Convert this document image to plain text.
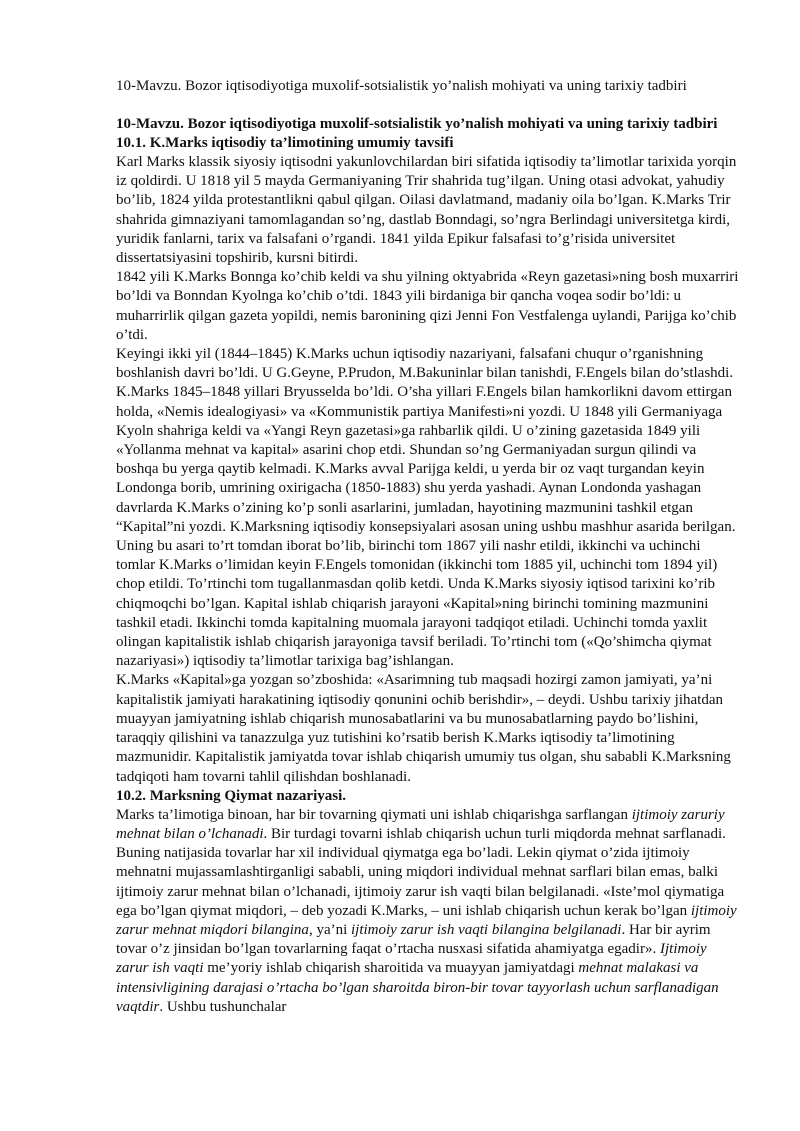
10-Mavzu. Bozor iqtisodiyotiga muxolif-sotsialistik yo’nalish mohiyati va uning tarixiy tadbiri
10-Mavzu. Bozor iqtisodiyotiga muxolif-sotsialistik yo’nalish mohiyati va uning tarixiy tadbiri
10.1. K.Marks iqtisodiy ta’limotining umumiy tavsifi

Karl Marks klassik siyosiy iqtisodni yakunlovchilardan biri sifatida iqtisodiy ta’limotlar tarixida yorqin iz qoldirdi. U 1818 yil 5 mayda Germaniyaning Trir shahrida tug’ilgan. Uning otasi advokat, yahudiy bo’lib, 1824 yilda protestantlikni qabul qilgan. Oilasi davlatmand, madaniy oila bo’lgan. K.Marks Trir shahrida gimnaziyani tamomlagandan so’ng, dastlab Bonndagi, so’ngra Berlindagi universitetga kirdi, yuridik fanlarni, tarix va falsafani o’rgandi. 1841 yilda Epikur falsafasi to’g’risida universitet dissertatsiyasini topshirib, kursni bitirdi.

1842 yili K.Marks Bonnga ko’chib keldi va shu yilning oktyabrida «Reyn gazetasi»ning bosh muxarriri bo’ldi va Bonndan Kyolnga ko’chib o’tdi. 1843 yili birdaniga bir qancha voqea sodir bo’ldi: u muharrirlik qilgan gazeta yopildi, nemis baronining qizi Jenni Fon Vestfalenga uylandi, Parijga ko’chib o’tdi.

Keyingi ikki yil (1844–1845) K.Marks uchun iqtisodiy nazariyani, falsafani chuqur o’rganishning boshlanish davri bo’ldi. U G.Geyne, P.Prudon, M.Bakuninlar bilan tanishdi, F.Engels bilan do’stlashdi.

K.Marks 1845–1848 yillari Bryusselda bo’ldi. O’sha yillari F.Engels bilan hamkorlikni davom ettirgan holda, «Nemis idealogiyasi» va «Kommunistik partiya Manifesti»ni yozdi. U 1848 yili Germaniyaga Kyoln shahriga keldi va «Yangi Reyn gazetasi»ga rahbarlik qildi. U o’zining gazetasida 1849 yili «Yollanma mehnat va kapital» asarini chop etdi. Shundan so’ng Germaniyadan surgun qilindi va boshqa bu yerga qaytib kelmadi. K.Marks avval Parijga keldi, u yerda bir oz vaqt turgandan keyin Londonga borib, umrining oxirigacha (1850-1883) shu yerda yashadi. Aynan Londonda yashagan davrlarda K.Marks o’zining ko’p sonli asarlarini, jumladan, hayotining mazmunini tashkil etgan “Kapital”ni yozdi. K.Marksning iqtisodiy konsepsiyalari asosan uning ushbu mashhur asarida berilgan. Uning bu asari to’rt tomdan iborat bo’lib, birinchi tom 1867 yili nashr etildi, ikkinchi va uchinchi tomlar K.Marks o’limidan keyin F.Engels tomonidan (ikkinchi tom 1885 yil, uchinchi tom 1894 yil) chop etildi. To’rtinchi tom tugallanmasdan qolib ketdi. Unda K.Marks siyosiy iqtisod tarixini ko’rib chiqmoqchi bo’lgan. Kapital ishlab chiqarish jarayoni «Kapital»ning birinchi tomining mazmunini tashkil etadi. Ikkinchi tomda kapitalning muomala jarayoni tadqiqot etiladi. Uchinchi tomda yaxlit olingan kapitalistik ishlab chiqarish jarayoniga tavsif beriladi. To’rtinchi tom («Qo’shimcha qiymat nazariyasi») iqtisodiy ta’limotlar tarixiga bag’ishlangan.

K.Marks «Kapital»ga yozgan so’zboshida: «Asarimning tub maqsadi hozirgi zamon jamiyati, ya’ni kapitalistik jamiyati harakatining iqtisodiy qonunini ochib berishdir», – deydi. Ushbu tarixiy jihatdan muayyan jamiyatning ishlab chiqarish munosabatlarini va bu munosabatlarning paydo bo’lishini, taraqqiy qilishini va tanazzulga yuz tutishini ko’rsatib berish K.Marks iqtisodiy ta’limotining mazmunidir. Kapitalistik jamiyatda tovar ishlab chiqarish umumiy tus olgan, shu sababli K.Marksning tadqiqoti ham tovarni tahlil qilishdan boshlanadi.

10.2. Marksning Qiymat nazariyasi.

Marks ta’limotiga binoan, har bir tovarning qiymati uni ishlab chiqarishga sarflangan ijtimoiy zaruriy mehnat bilan o’lchanadi. Bir turdagi tovarni ishlab chiqarish uchun turli miqdorda mehnat sarflanadi. Buning natijasida tovarlar har xil individual qiymatga ega bo’ladi. Lekin qiymat o’zida ijtimoiy mehnatni mujassamlashtirganligi sababli, uning miqdori individual mehnat sarflari bilan emas, balki ijtimoiy zarur mehnat bilan o’lchanadi, ijtimoiy zarur ish vaqti bilan belgilanadi. «Iste’mol qiymatiga ega bo’lgan qiymat miqdori, – deb yozadi K.Marks, – uni ishlab chiqarish uchun kerak bo’lgan ijtimoiy zarur mehnat miqdori bilangina, ya’ni ijtimoiy zarur ish vaqti bilangina belgilanadi. Har bir ayrim tovar o’z jinsidan bo’lgan tovarlarning faqat o’rtacha nusxasi sifatida ahamiyatga egadir». Ijtimoiy zarur ish vaqti me’yoriy ishlab chiqarish sharoitida va muayyan jamiyatdagi mehnat malakasi va intensivligining darajasi o’rtacha bo’lgan sharoitda biron-bir tovar tayyorlash uchun sarflanadigan vaqtdir. Ushbu tushunchalar
